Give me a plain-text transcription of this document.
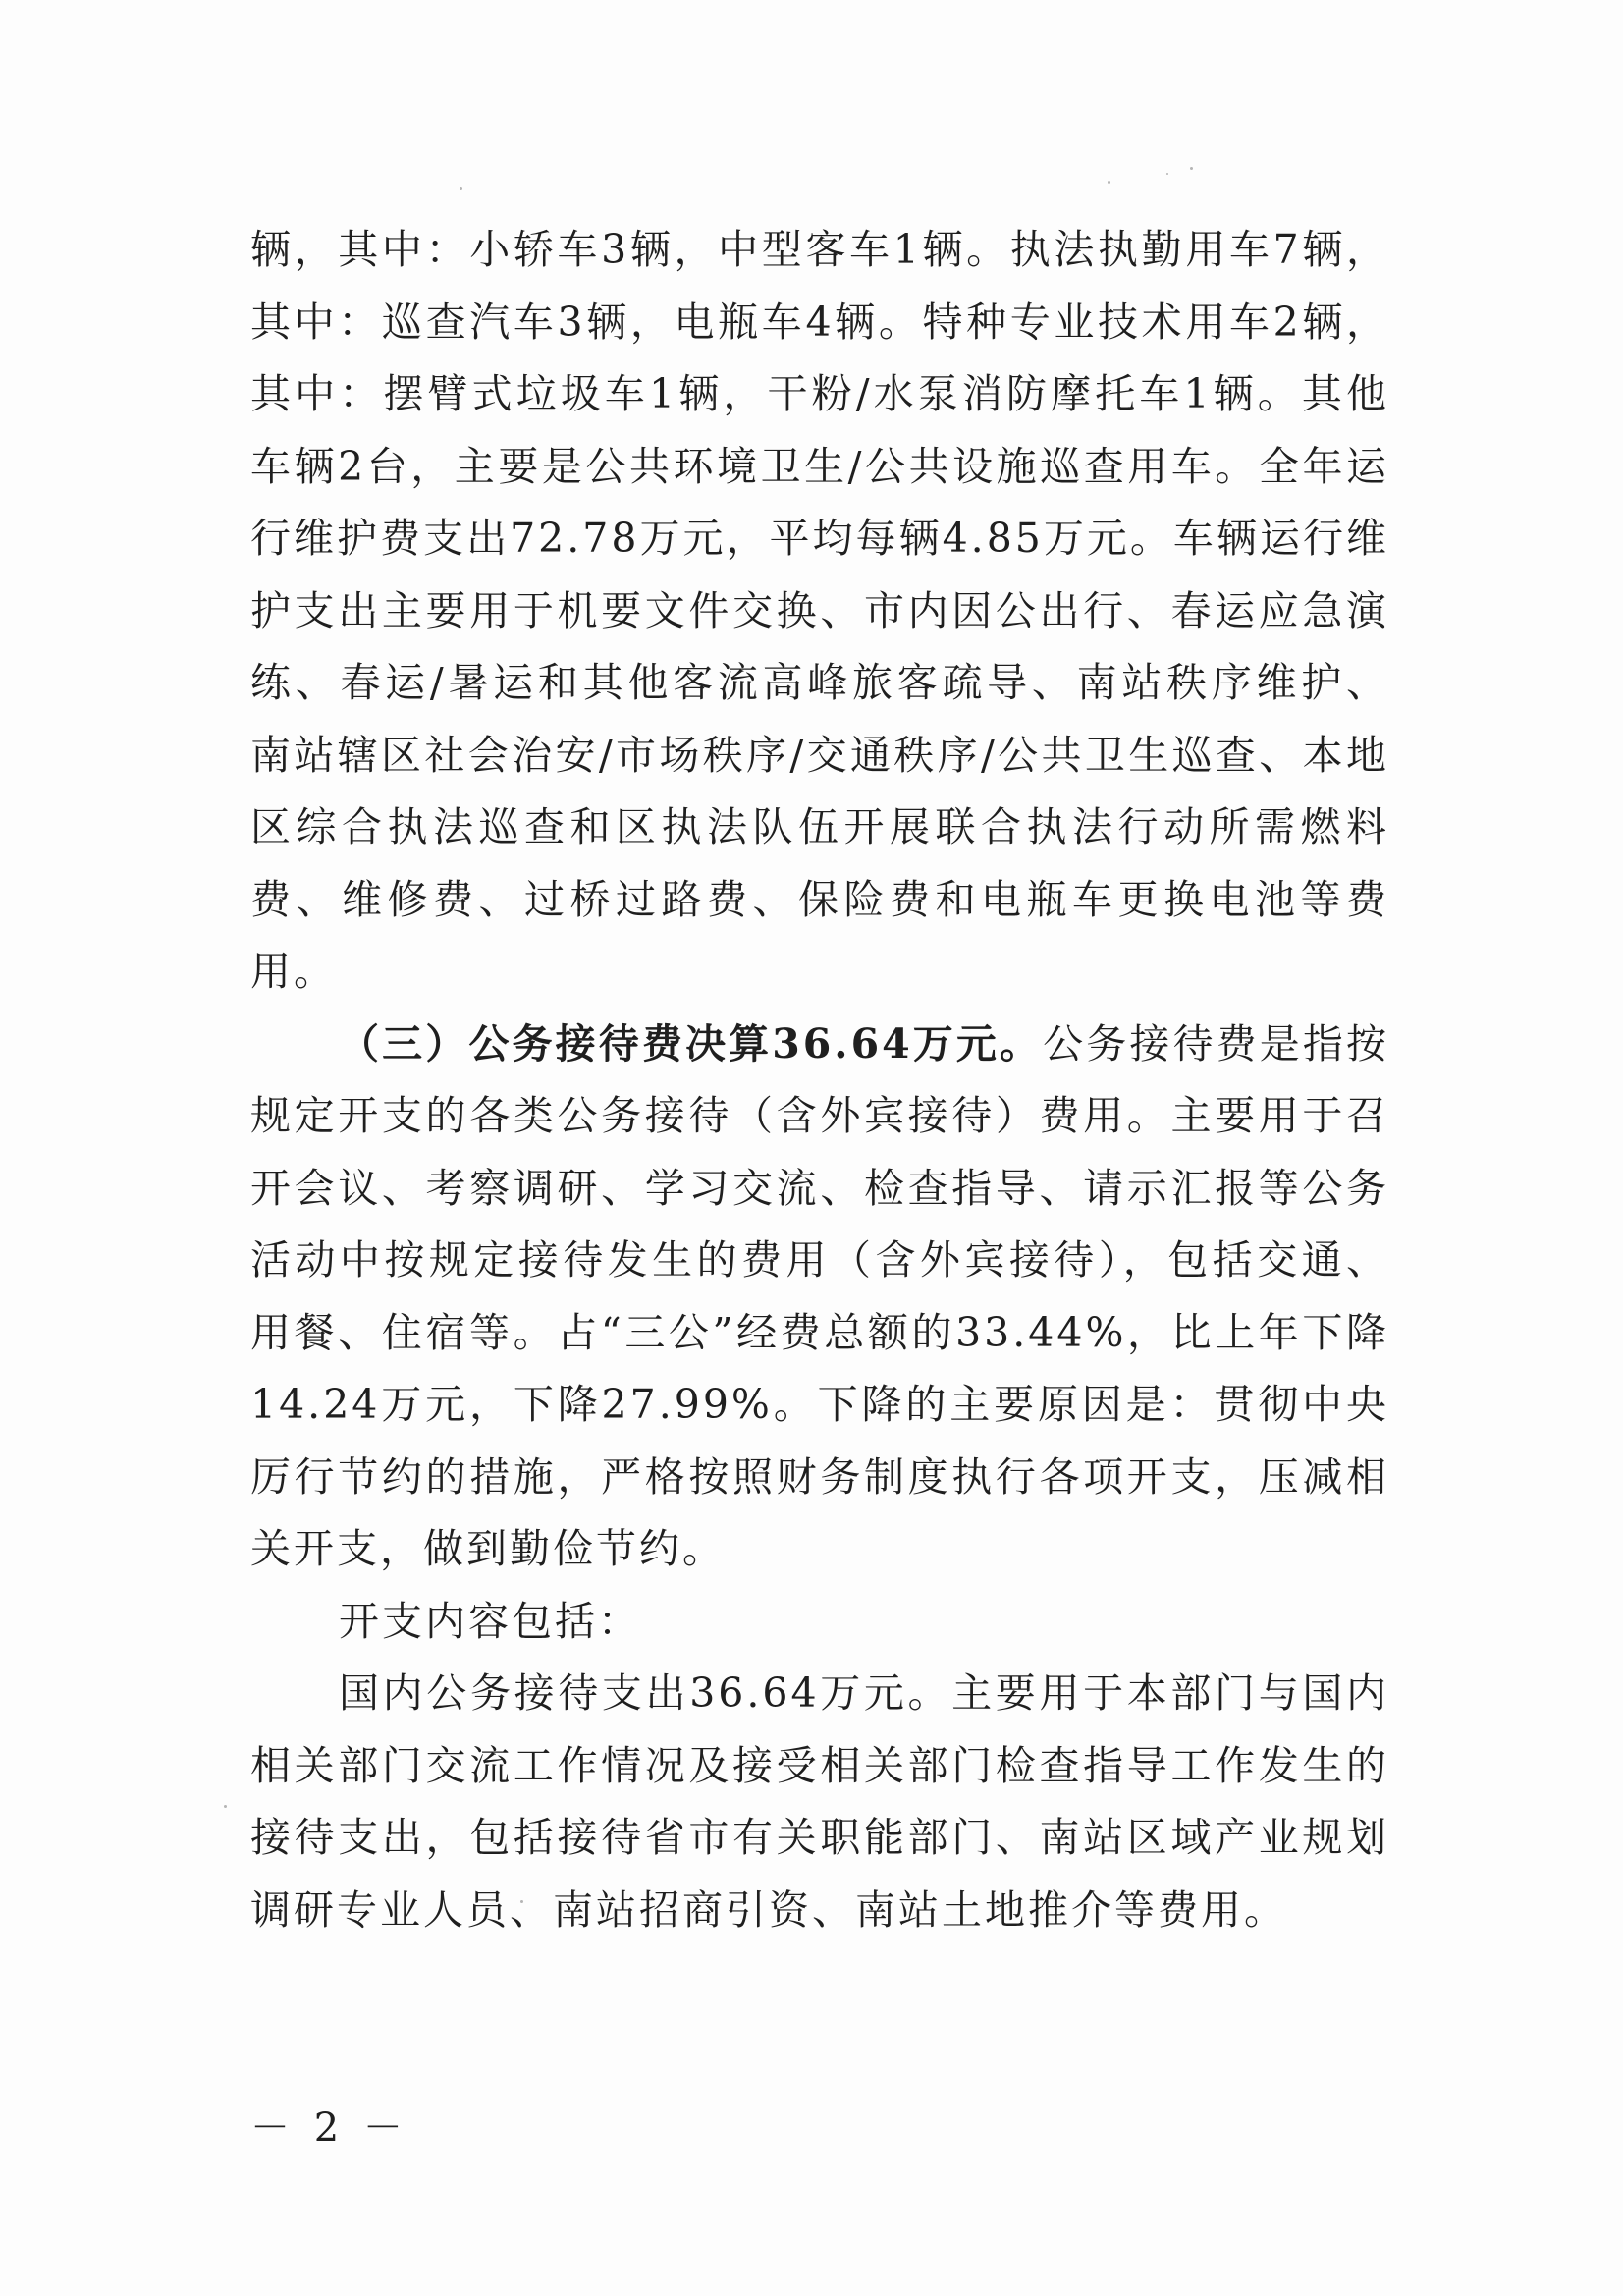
辆，其中：小轿车3辆，中型客车1辆。执法执勤用车7辆，其中：巡查汽车3辆，电瓶车4辆。特种专业技术用车2辆，其中：摆臂式垃圾车1辆，干粉/水泵消防摩托车1辆。其他车辆2台，主要是公共环境卫生/公共设施巡查用车。全年运行维护费支出72.78万元，平均每辆4.85万元。车辆运行维护支出主要用于机要文件交换、市内因公出行、春运应急演练、春运/暑运和其他客流高峰旅客疏导、南站秩序维护、南站辖区社会治安/市场秩序/交通秩序/公共卫生巡查、本地区综合执法巡查和区执法队伍开展联合执法行动所需燃料费、维修费、过桥过路费、保险费和电瓶车更换电池等费用。

（三）公务接待费决算36.64万元。公务接待费是指按规定开支的各类公务接待（含外宾接待）费用。主要用于召开会议、考察调研、学习交流、检查指导、请示汇报等公务活动中按规定接待发生的费用（含外宾接待），包括交通、用餐、住宿等。占“三公”经费总额的33.44%，比上年下降14.24万元，下降27.99%。下降的主要原因是：贯彻中央厉行节约的措施，严格按照财务制度执行各项开支，压减相关开支，做到勤俭节约。

开支内容包括：

国内公务接待支出36.64万元。主要用于本部门与国内相关部门交流工作情况及接受相关部门检查指导工作发生的接待支出，包括接待省市有关职能部门、南站区域产业规划调研专业人员、南站招商引资、南站土地推介等费用。

－ 2 －
